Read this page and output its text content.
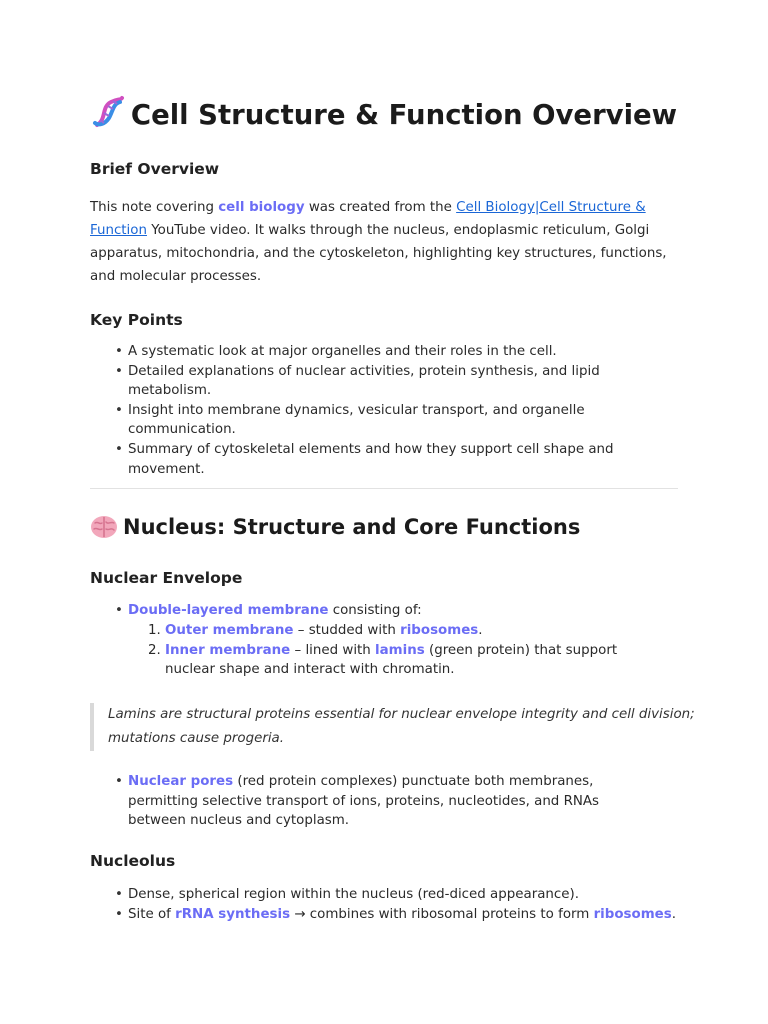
Cell Structure & Function Overview
Brief Overview
This note covering cell biology was created from the Cell Biology|Cell Structure & Function YouTube video. It walks through the nucleus, endoplasmic reticulum, Golgi apparatus, mitochondria, and the cytoskeleton, highlighting key structures, functions, and molecular processes.
Key Points
• A systematic look at major organelles and their roles in the cell.
• Detailed explanations of nuclear activities, protein synthesis, and lipid metabolism.
• Insight into membrane dynamics, vesicular transport, and organelle communication.
• Summary of cytoskeletal elements and how they support cell shape and movement.
Nucleus: Structure and Core Functions
Nuclear Envelope
• Double-layered membrane consisting of:
1. Outer membrane – studded with ribosomes.
2. Inner membrane – lined with lamins (green protein) that support nuclear shape and interact with chromatin.
Lamins are structural proteins essential for nuclear envelope integrity and cell division; mutations cause progeria.
• Nuclear pores (red protein complexes) punctuate both membranes, permitting selective transport of ions, proteins, nucleotides, and RNAs between nucleus and cytoplasm.
Nucleolus
• Dense, spherical region within the nucleus (red-diced appearance).
• Site of rRNA synthesis → combines with ribosomal proteins to form ribosomes.
